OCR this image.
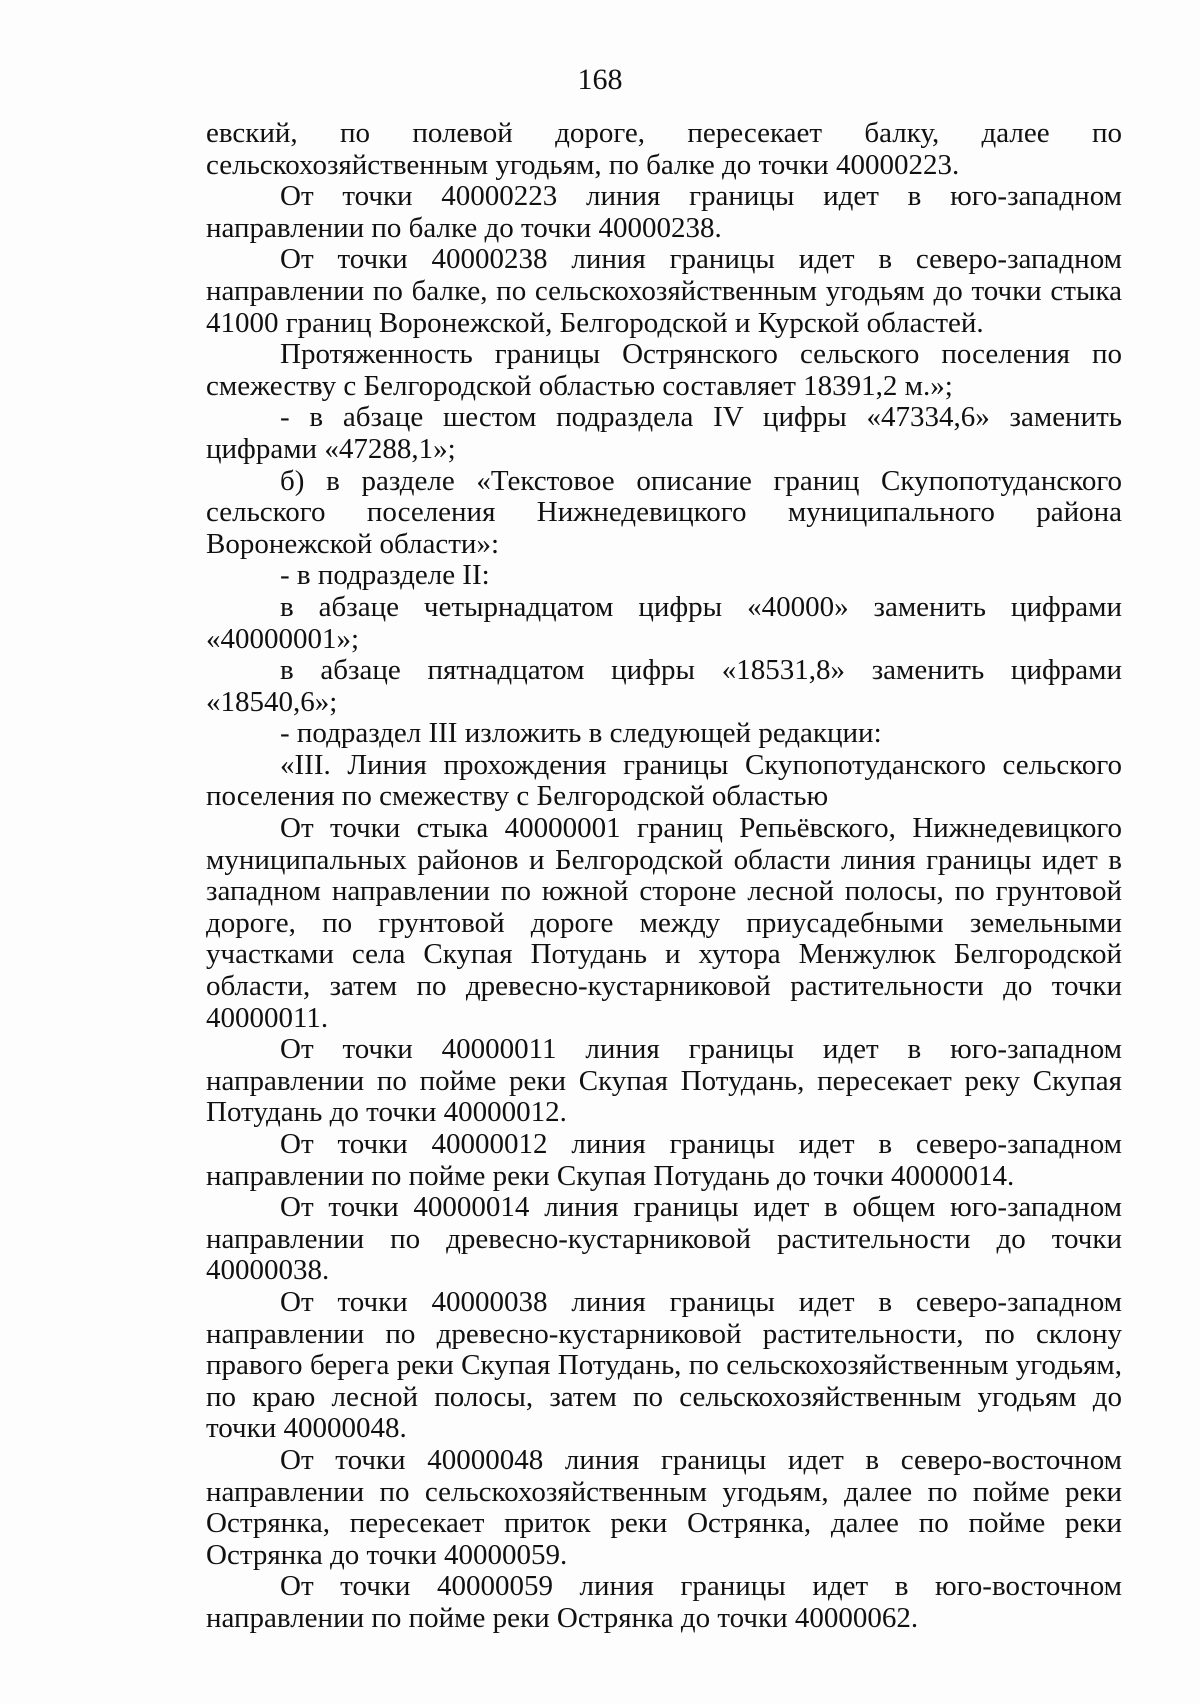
168

евский, по полевой дороге, пересекает балку, далее по сельскохозяйственным угодьям, по балке до точки 40000223.

От точки 40000223 линия границы идет в юго-западном направлении по балке до точки 40000238.

От точки 40000238 линия границы идет в северо-западном направлении по балке, по сельскохозяйственным угодьям до точки стыка 41000 границ Воронежской, Белгородской и Курской областей.

Протяженность границы Острянского сельского поселения по смежеству с Белгородской областью составляет 18391,2 м.»;

- в абзаце шестом подраздела IV цифры «47334,6» заменить цифрами «47288,1»;

б) в разделе «Текстовое описание границ Скупопотуданского сельского поселения Нижнедевицкого муниципального района Воронежской области»:

- в подразделе II:

в абзаце четырнадцатом цифры «40000» заменить цифрами «40000001»;

в абзаце пятнадцатом цифры «18531,8» заменить цифрами «18540,6»;

- подраздел III изложить в следующей редакции:

«III. Линия прохождения границы Скупопотуданского сельского поселения по смежеству с Белгородской областью

От точки стыка 40000001 границ Репьёвского, Нижнедевицкого муниципальных районов и Белгородской области линия границы идет в западном направлении по южной стороне лесной полосы, по грунтовой дороге, по грунтовой дороге между приусадебными земельными участками села Скупая Потудань и хутора Менжулюк Белгородской области, затем по древесно-кустарниковой растительности до точки 40000011.

От точки 40000011 линия границы идет в юго-западном направлении по пойме реки Скупая Потудань, пересекает реку Скупая Потудань до точки 40000012.

От точки 40000012 линия границы идет в северо-западном направлении по пойме реки Скупая Потудань до точки 40000014.

От точки 40000014 линия границы идет в общем юго-западном направлении по древесно-кустарниковой растительности до точки 40000038.

От точки 40000038 линия границы идет в северо-западном направлении по древесно-кустарниковой растительности, по склону правого берега реки Скупая Потудань, по сельскохозяйственным угодьям, по краю лесной полосы, затем по сельскохозяйственным угодьям до точки 40000048.

От точки 40000048 линия границы идет в северо-восточном направлении по сельскохозяйственным угодьям, далее по пойме реки Острянка, пересекает приток реки Острянка, далее по пойме реки Острянка до точки 40000059.

От точки 40000059 линия границы идет в юго-восточном направлении по пойме реки Острянка до точки 40000062.
